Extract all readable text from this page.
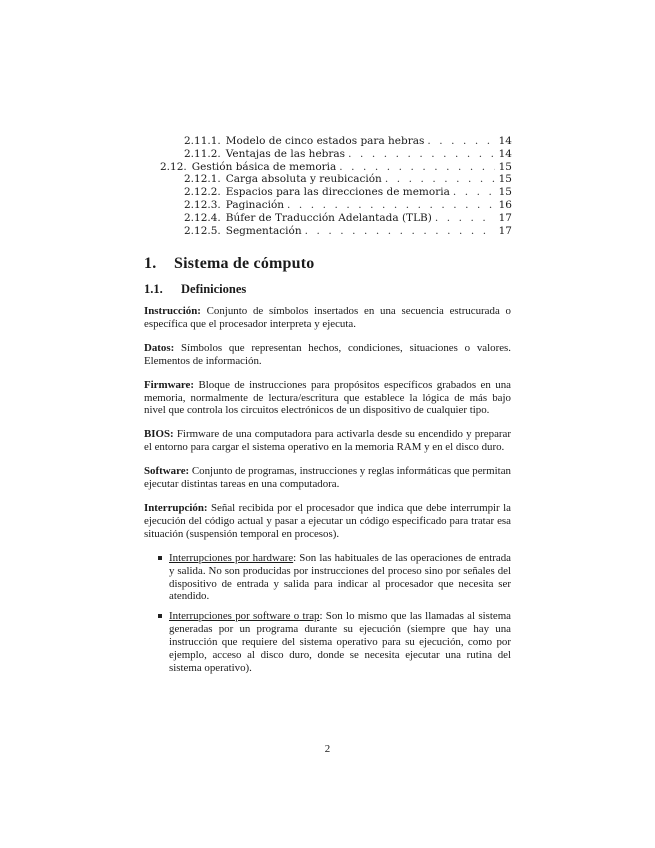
2.11.1. Modelo de cinco estados para hebras . . .	14
2.11.2. Ventajas de las hebras . . .	14
2.12. Gestión básica de memoria . . .	15
2.12.1. Carga absoluta y reubicación . . .	15
2.12.2. Espacios para las direcciones de memoria . . .	15
2.12.3. Paginación . . .	16
2.12.4. Búfer de Traducción Adelantada (TLB) . . .	17
2.12.5. Segmentación . . .	17
1. Sistema de cómputo
1.1. Definiciones

Instrucción: Conjunto de símbolos insertados en una secuencia estrucurada o específica que el procesador interpreta y ejecuta.

Datos: Símbolos que representan hechos, condiciones, situaciones o valores. Elementos de información.

Firmware: Bloque de instrucciones para propósitos específicos grabados en una memoria, normalmente de lectura/escritura que establece la lógica de más bajo nivel que controla los circuitos electrónicos de un dispositivo de cualquier tipo.

BIOS: Firmware de una computadora para activarla desde su encendido y preparar el entorno para cargar el sistema operativo en la memoria RAM y en el disco duro.

Software: Conjunto de programas, instrucciones y reglas informáticas que permitan ejecutar distintas tareas en una computadora.

Interrupción: Señal recibida por el procesador que indica que debe interrumpir la ejecución del código actual y pasar a ejecutar un código especificado para tratar esa situación (suspensión temporal en procesos).

Interrupciones por hardware: Son las habituales de las operaciones de entrada y salida. No son producidas por instrucciones del proceso sino por señales del dispositivo de entrada y salida para indicar al procesador que necesita ser atendido.
Interrupciones por software o trap: Son lo mismo que las llamadas al sistema generadas por un programa durante su ejecución (siempre que hay una instrucción que requiere del sistema operativo para su ejecución, como por ejemplo, acceso al disco duro, donde se necesita ejecutar una rutina del sistema operativo).
2
